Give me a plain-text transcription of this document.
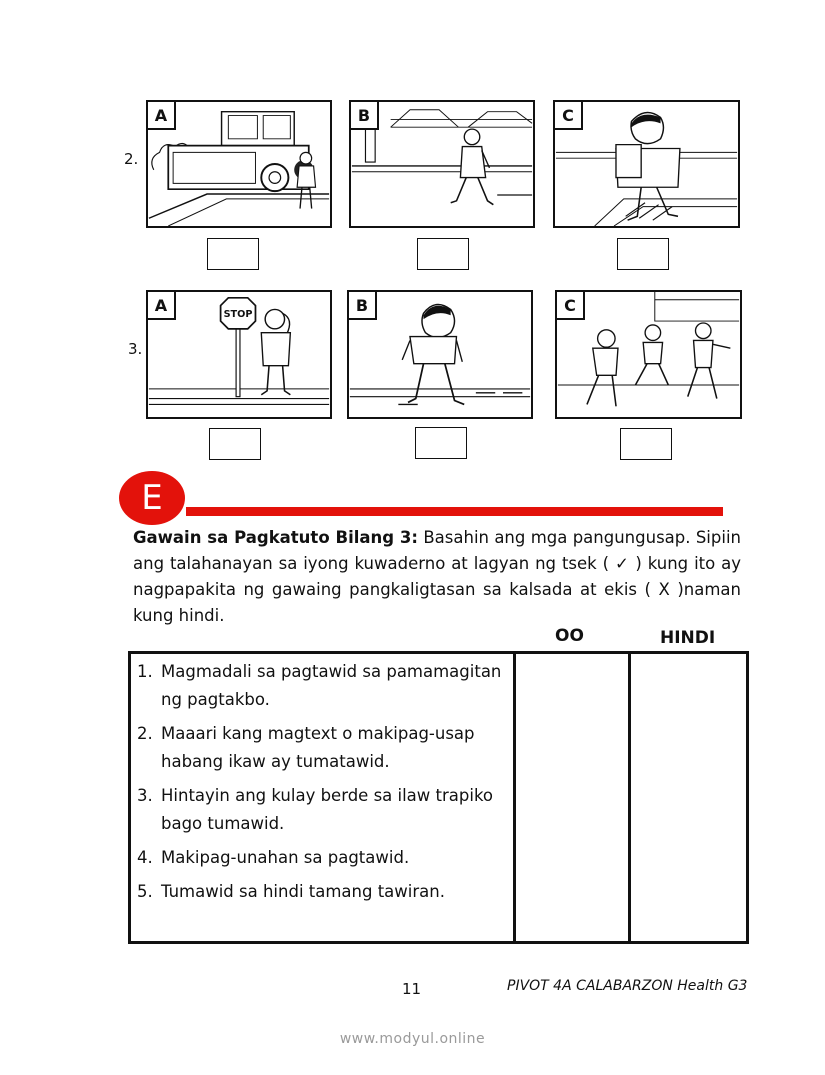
2.
A	B	C
3.
A
STOP
B	C
E
Gawain sa Pagkatuto Bilang 3: Basahin ang mga pangungusap. Sipiin ang talahanayan sa iyong kuwaderno at lagyan ng tsek ( ✓ ) kung ito ay nagpapakita ng gawaing pangkaligtasan sa kalsada at ekis ( X )naman kung hindi.
OO	HINDI
1. Magmadali sa pagtawid sa pamamagitan ng pagtakbo.
2. Maaari kang magtext o makipag-usap habang ikaw ay tumatawid.
3. Hintayin ang kulay berde sa ilaw trapiko bago tumawid.
4. Makipag-unahan sa pagtawid.
5. Tumawid sa hindi tamang tawiran.
11	PIVOT 4A CALABARZON Health G3
www.modyul.online
